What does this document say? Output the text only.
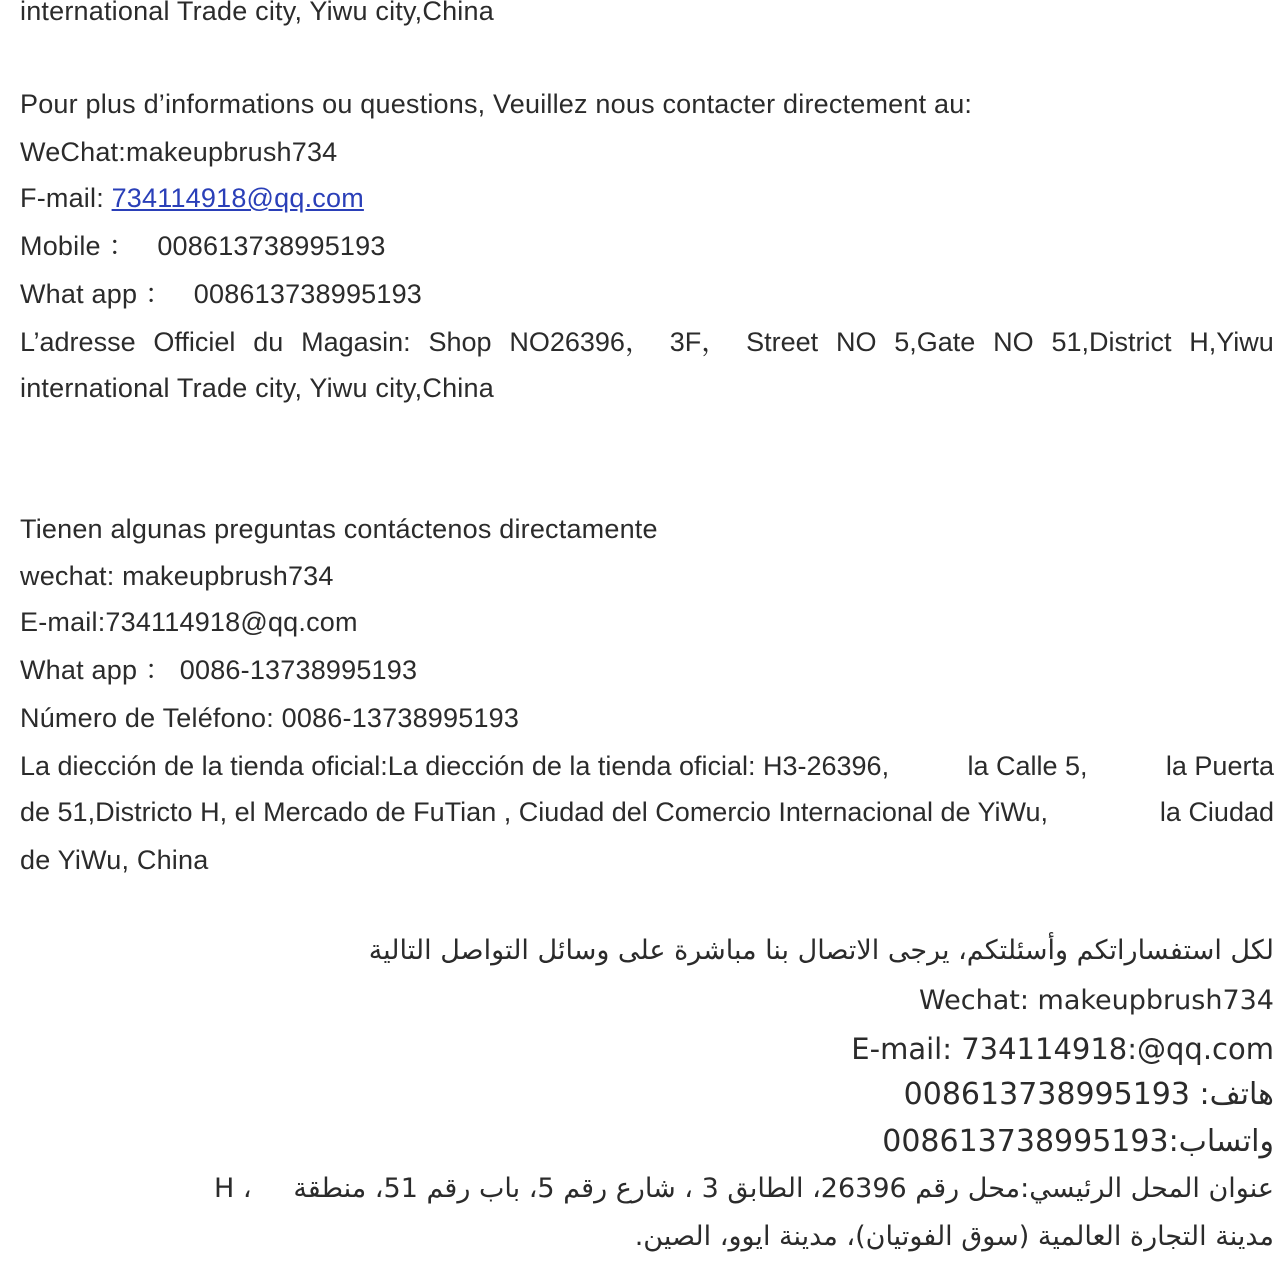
international Trade city, Yiwu city,China
Pour plus d’informations ou questions, Veuillez nous contacter directement au:
WeChat:makeupbrush734
F-mail: 734114918@qq.com
Mobile ： 008613738995193
What app ： 008613738995193
L’adresse Officiel du Magasin: Shop NO26396， 3F， Street NO 5,Gate NO 51,District H,Yiwu
international Trade city, Yiwu city,China
Tienen algunas preguntas contáctenos directamente
wechat: makeupbrush734
E-mail:734114918@qq.com
What app ： 0086-13738995193
Número de Teléfono: 0086-13738995193
La diección de la tienda oficial:La diección de la tienda oficial: H3-26396,	la Calle 5,	la Puerta
de 51,Districto H, el Mercado de FuTian , Ciudad del Comercio Internacional de YiWu,	la Ciudad
de YiWu, China
لكل استفساراتكم وأسئلتكم، يرجى الاتصال بنا مباشرة على وسائل التواصل التالية
Wechat: makeupbrush734
E-mail: 734114918:@qq.com
هاتف: 008613738995193
واتساب:008613738995193
عنوان المحل الرئيسي:محل رقم 26396، الطابق 3 ، شارع رقم 5، باب رقم 51، منطقة
، H
مدينة التجارة العالمية (سوق الفوتيان)، مدينة ايوو، الصين.
